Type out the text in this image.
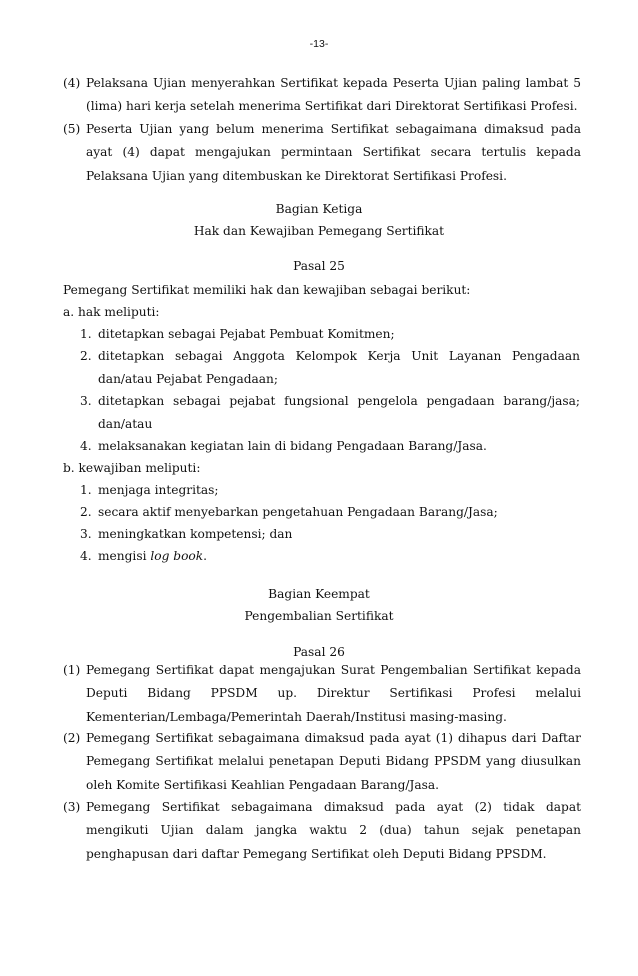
-13-
(4) Pelaksana Ujian menyerahkan Sertifikat kepada Peserta Ujian paling lambat 5 (lima) hari kerja setelah menerima Sertifikat dari Direktorat Sertifikasi Profesi.
(5) Peserta Ujian yang belum menerima Sertifikat sebagaimana dimaksud pada ayat (4) dapat mengajukan permintaan Sertifikat secara tertulis kepada Pelaksana Ujian yang ditembuskan ke Direktorat Sertifikasi Profesi.
Bagian Ketiga
Hak dan Kewajiban Pemegang Sertifikat
Pasal 25
Pemegang Sertifikat memiliki hak dan kewajiban sebagai berikut:
a. hak meliputi:
1. ditetapkan sebagai Pejabat Pembuat Komitmen;
2. ditetapkan sebagai Anggota Kelompok Kerja Unit Layanan Pengadaan dan/atau Pejabat Pengadaan;
3. ditetapkan sebagai pejabat fungsional pengelola pengadaan barang/jasa; dan/atau
4. melaksanakan kegiatan lain di bidang Pengadaan Barang/Jasa.
b. kewajiban meliputi:
1. menjaga integritas;
2. secara aktif menyebarkan pengetahuan Pengadaan Barang/Jasa;
3. meningkatkan kompetensi; dan
4. mengisi log book.
Bagian Keempat
Pengembalian Sertifikat
Pasal 26
(1) Pemegang Sertifikat dapat mengajukan Surat Pengembalian Sertifikat kepada Deputi Bidang PPSDM up. Direktur Sertifikasi Profesi melalui Kementerian/Lembaga/Pemerintah Daerah/Institusi masing-masing.
(2) Pemegang Sertifikat sebagaimana dimaksud pada ayat (1) dihapus dari Daftar Pemegang Sertifikat melalui penetapan Deputi Bidang PPSDM yang diusulkan oleh Komite Sertifikasi Keahlian Pengadaan Barang/Jasa.
(3) Pemegang Sertifikat sebagaimana dimaksud pada ayat (2) tidak dapat mengikuti Ujian dalam jangka waktu 2 (dua) tahun sejak penetapan penghapusan dari daftar Pemegang Sertifikat oleh Deputi Bidang PPSDM.
